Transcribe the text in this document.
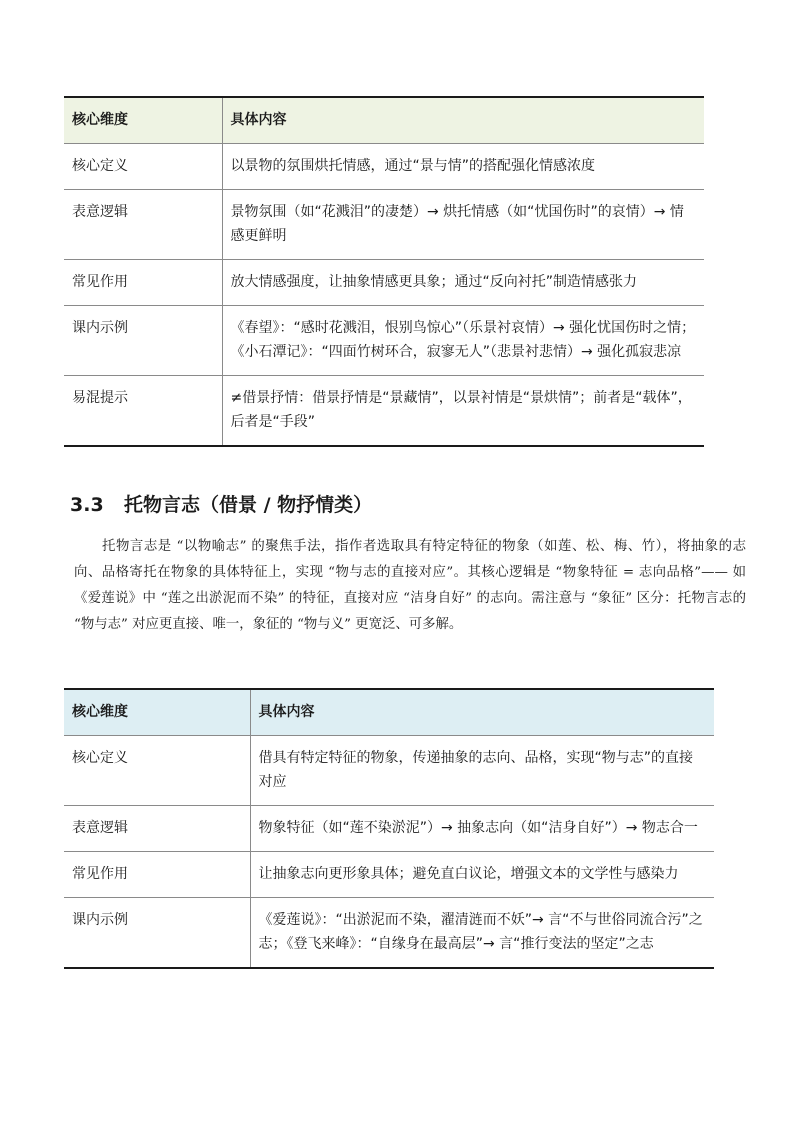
核心维度	具体内容
核心定义	以景物的氛围烘托情感，通过“景与情”的搭配强化情感浓度
表意逻辑	景物氛围（如“花溅泪”的凄楚）→ 烘托情感（如“忧国伤时”的哀情）→ 情感更鲜明
常见作用	放大情感强度，让抽象情感更具象；通过“反向衬托”制造情感张力
课内示例	《春望》：“感时花溅泪，恨别鸟惊心”（乐景衬哀情）→ 强化忧国伤时之情；《小石潭记》：“四面竹树环合，寂寥无人”（悲景衬悲情）→ 强化孤寂悲凉
易混提示	≠借景抒情：借景抒情是“景藏情”，以景衬情是“景烘情”；前者是“载体”，后者是“手段”
3.3 托物言志（借景 / 物抒情类）

托物言志是 “以物喻志” 的聚焦手法，指作者选取具有特定特征的物象（如莲、松、梅、竹），将抽象的志向、品格寄托在物象的具体特征上，实现 “物与志的直接对应”。其核心逻辑是 “物象特征 = 志向品格”—— 如《爱莲说》中 “莲之出淤泥而不染” 的特征，直接对应 “洁身自好” 的志向。需注意与 “象征” 区分：托物言志的 “物与志” 对应更直接、唯一，象征的 “物与义” 更宽泛、可多解。

核心维度	具体内容
核心定义	借具有特定特征的物象，传递抽象的志向、品格，实现“物与志”的直接对应
表意逻辑	物象特征（如“莲不染淤泥”）→ 抽象志向（如“洁身自好”）→ 物志合一
常见作用	让抽象志向更形象具体；避免直白议论，增强文本的文学性与感染力
课内示例	《爱莲说》：“出淤泥而不染，濯清涟而不妖”→ 言“不与世俗同流合污”之志；《登飞来峰》：“自缘身在最高层”→ 言“推行变法的坚定”之志
